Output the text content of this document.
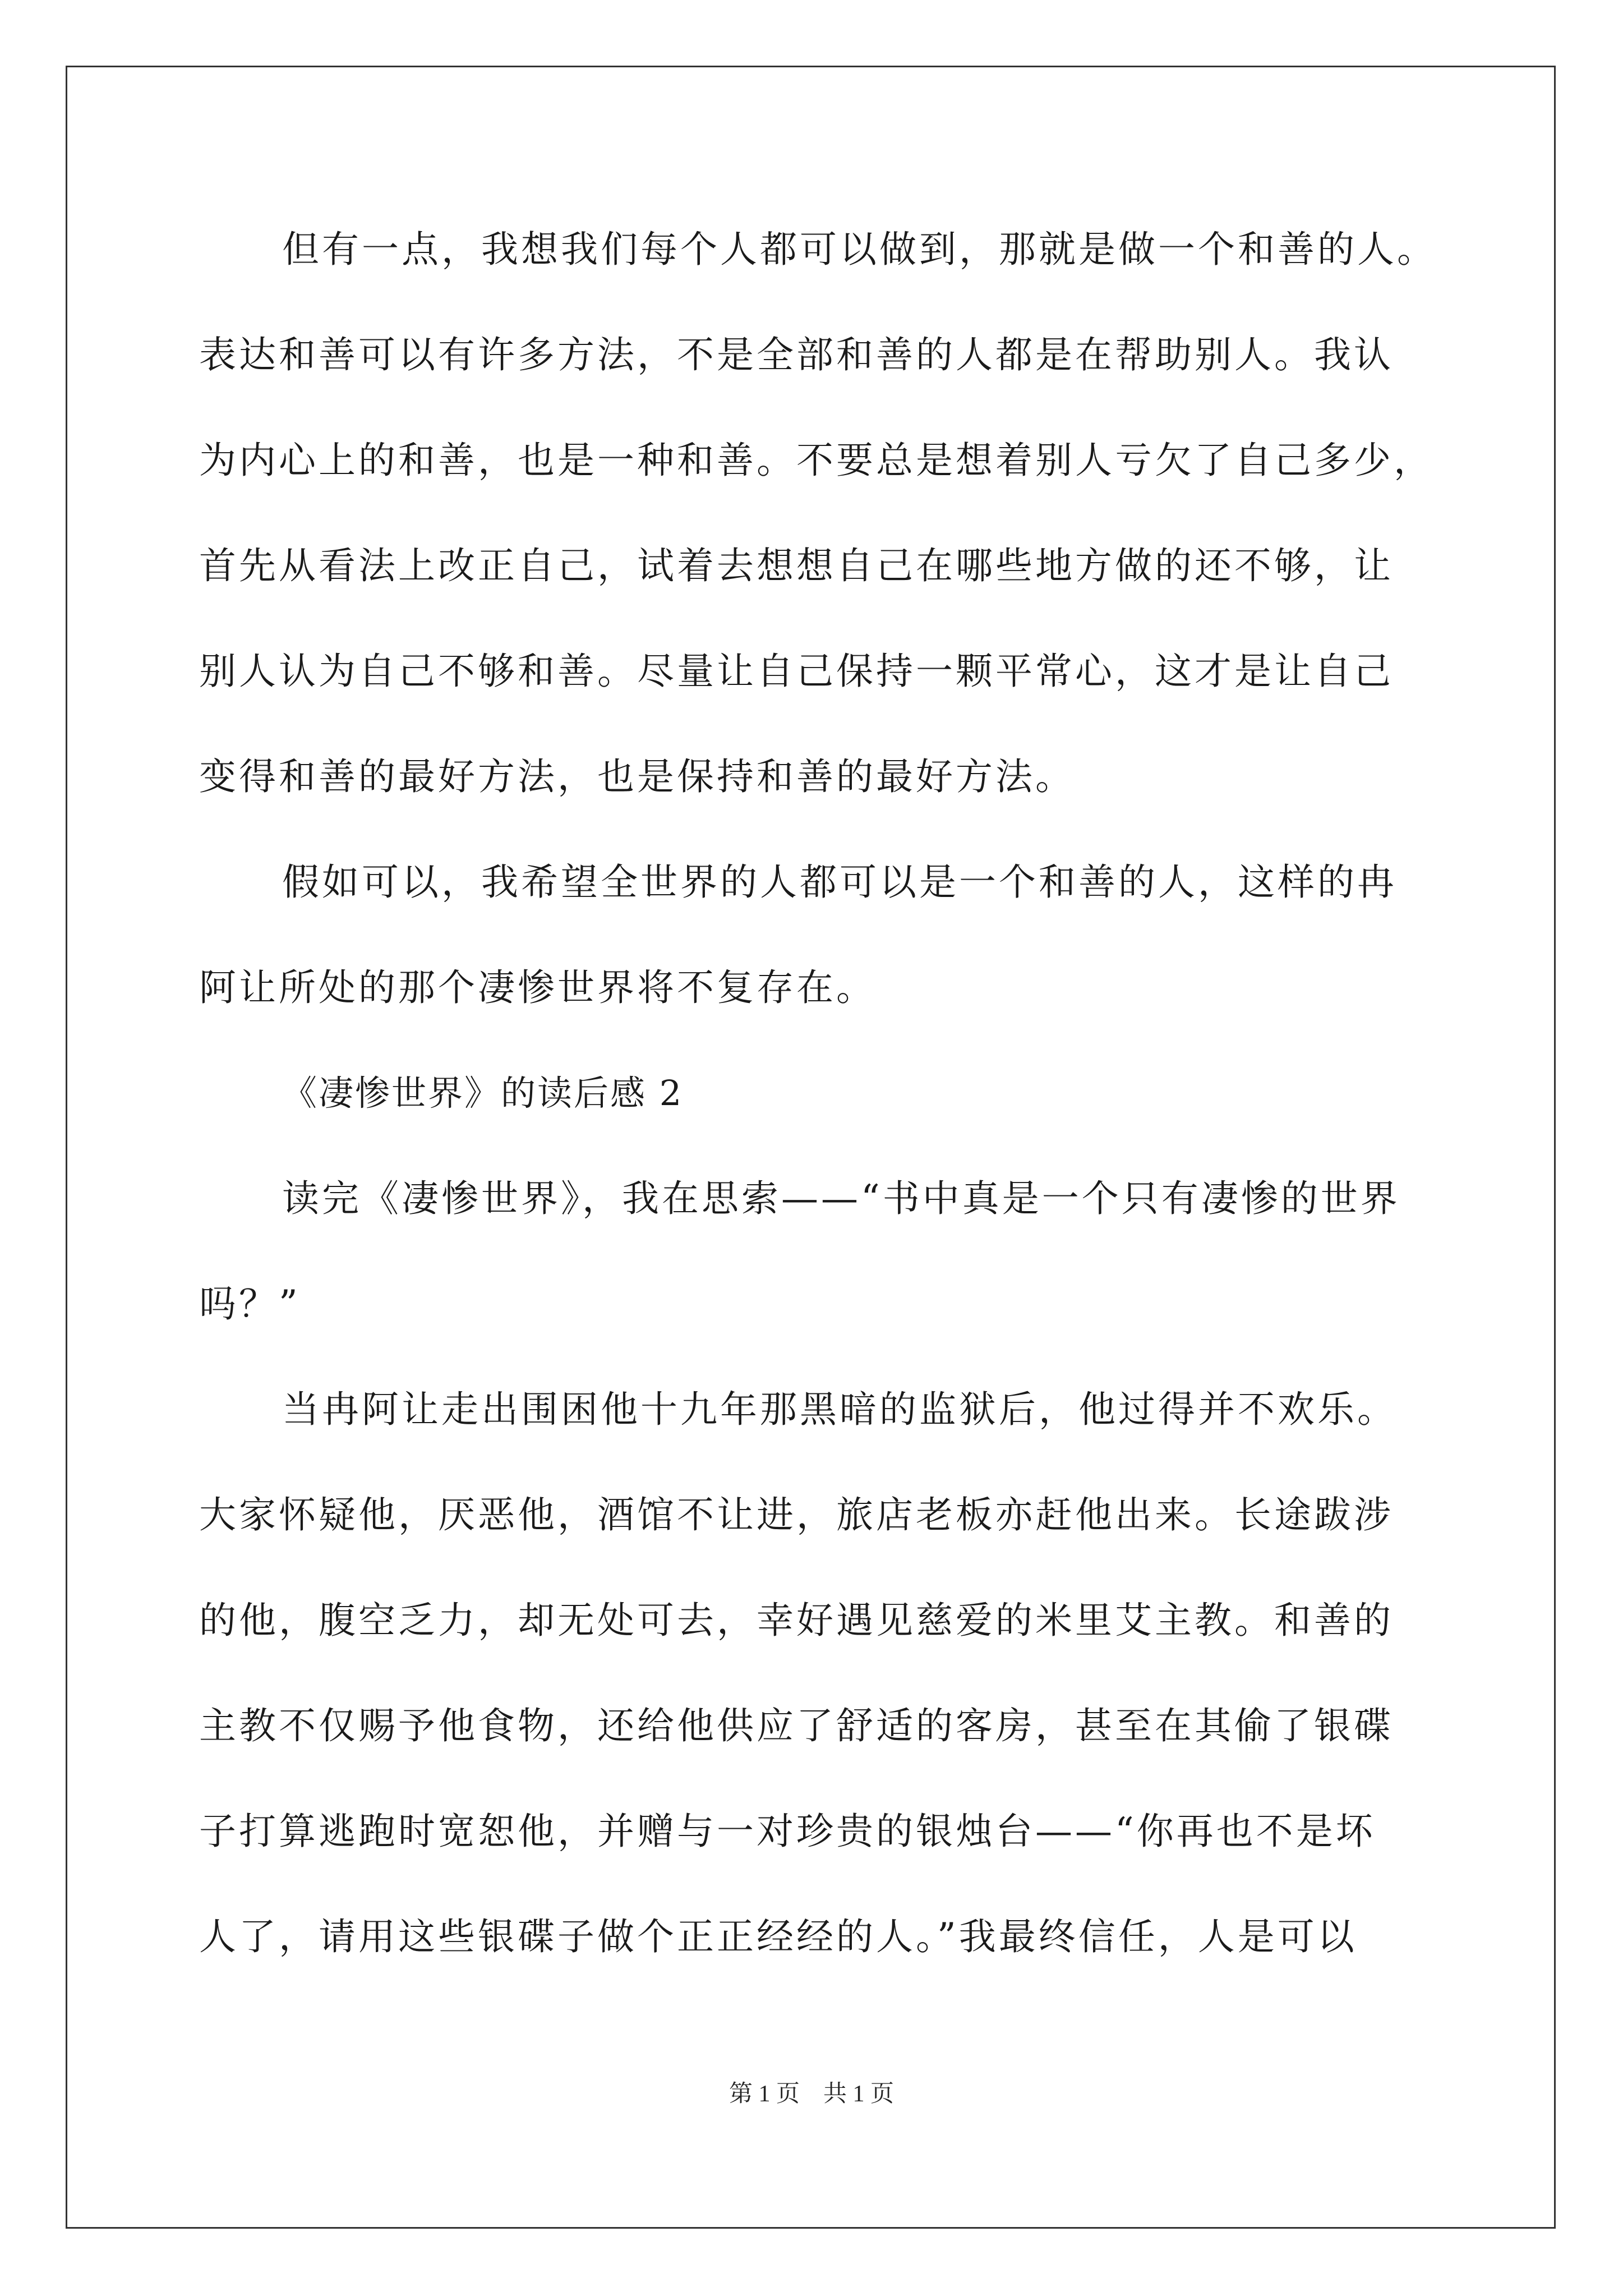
但有一点，我想我们每个人都可以做到，那就是做一个和善的人。
表达和善可以有许多方法，不是全部和善的人都是在帮助别人。我认
为内心上的和善，也是一种和善。不要总是想着别人亏欠了自己多少，
首先从看法上改正自己，试着去想想自己在哪些地方做的还不够，让
别人认为自己不够和善。尽量让自己保持一颗平常心，这才是让自己
变得和善的最好方法，也是保持和善的最好方法。
假如可以，我希望全世界的人都可以是一个和善的人，这样的冉
阿让所处的那个凄惨世界将不复存在。
《凄惨世界》的读后感 2
读完《凄惨世界》，我在思索——“书中真是一个只有凄惨的世界
吗？”
当冉阿让走出围困他十九年那黑暗的监狱后，他过得并不欢乐。
大家怀疑他，厌恶他，酒馆不让进，旅店老板亦赶他出来。长途跋涉
的他，腹空乏力，却无处可去，幸好遇见慈爱的米里艾主教。和善的
主教不仅赐予他食物，还给他供应了舒适的客房，甚至在其偷了银碟
子打算逃跑时宽恕他，并赠与一对珍贵的银烛台——“你再也不是坏
人了，请用这些银碟子做个正正经经的人。”我最终信任，人是可以
第 1 页　共 1 页
